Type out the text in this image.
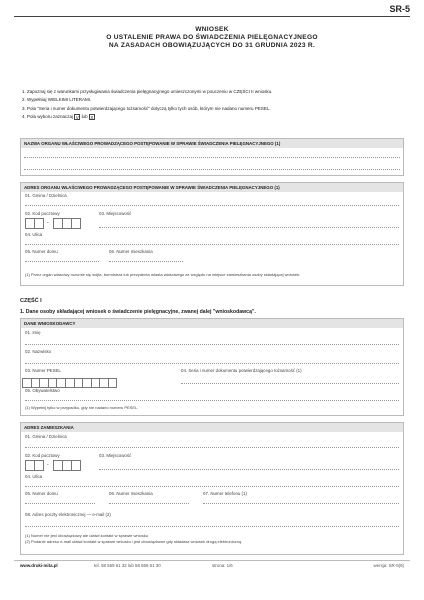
SR-5
WNIOSEK
O USTALENIE PRAWA DO ŚWIADCZENIA PIELĘGNACYJNEGO
NA ZASADACH OBOWIĄZUJĄCYCH DO 31 GRUDNIA 2023 R.
1. Zapoznaj się z warunkami przysługiwania świadczenia pielęgnacyjnego umieszczonymi w pouczeniu w CZĘŚCI II wniosku.
2. Wypełniaj WIELKIMI LITERAMI.
3. Pola "Seria i numer dokumentu potwierdzającego tożsamość" dotyczą tylko tych osób, którym nie nadano numeru PESEL.
4. Pola wyboru zaznaczaj V lub X
NAZWA ORGANU WŁAŚCIWEGO PROWADZĄCEGO POSTĘPOWANIE W SPRAWIE ŚWIADCZENIA PIELĘGNACYJNEGO (1)
ADRES ORGANU WŁAŚCIWEGO PROWADZĄCEGO POSTĘPOWANIE W SPRAWIE ŚWIADCZENIA PIELĘGNACYJNEGO (1)
01. Gmina / Dzielnica
02. Kod pocztowy
-
03. Miejscowość
04. Ulica
05. Numer domu	06. Numer mieszkania
(1) Przez organ właściwy rozumie się wójta, burmistrza lub prezydenta miasta właściwego ze względu na miejsce zamieszkania osoby składającej wniosek.
CZĘŚĆ I
1. Dane osoby składającej wniosek o świadczenie pielęgnacyjne, zwanej dalej "wnioskodawcą".
DANE WNIOSKODAWCY
01. Imię
02. Nazwisko
03. Numer PESEL	04. Seria i numer dokumentu potwierdzającego tożsamość (1)
05. Obywatelstwo
(1) Wypełnij tylko w przypadku, gdy nie nadano numeru PESEL.
ADRES ZAMIESZKANIA
01. Gmina / Dzielnica
02. Kod pocztowy
-
03. Miejscowość
04. Ulica
05. Numer domu	06. Numer mieszkania	07. Numer telefonu (1)
08. Adres poczty elektronicznej — e-mail (2)
(1) Numer nie jest obowiązkowy ale ułatwi kontakt w sprawie wniosku
(2) Podanie adresu e-mail ułatwi kontakt w sprawie wniosku i jest obowiązkowe gdy składasz wniosek drogą elektroniczną.
www.druki-mita.pl	tel. 58 559 61 32 lub 58 559 61 30	strona: 1/6	wersja: SR-5(9)
